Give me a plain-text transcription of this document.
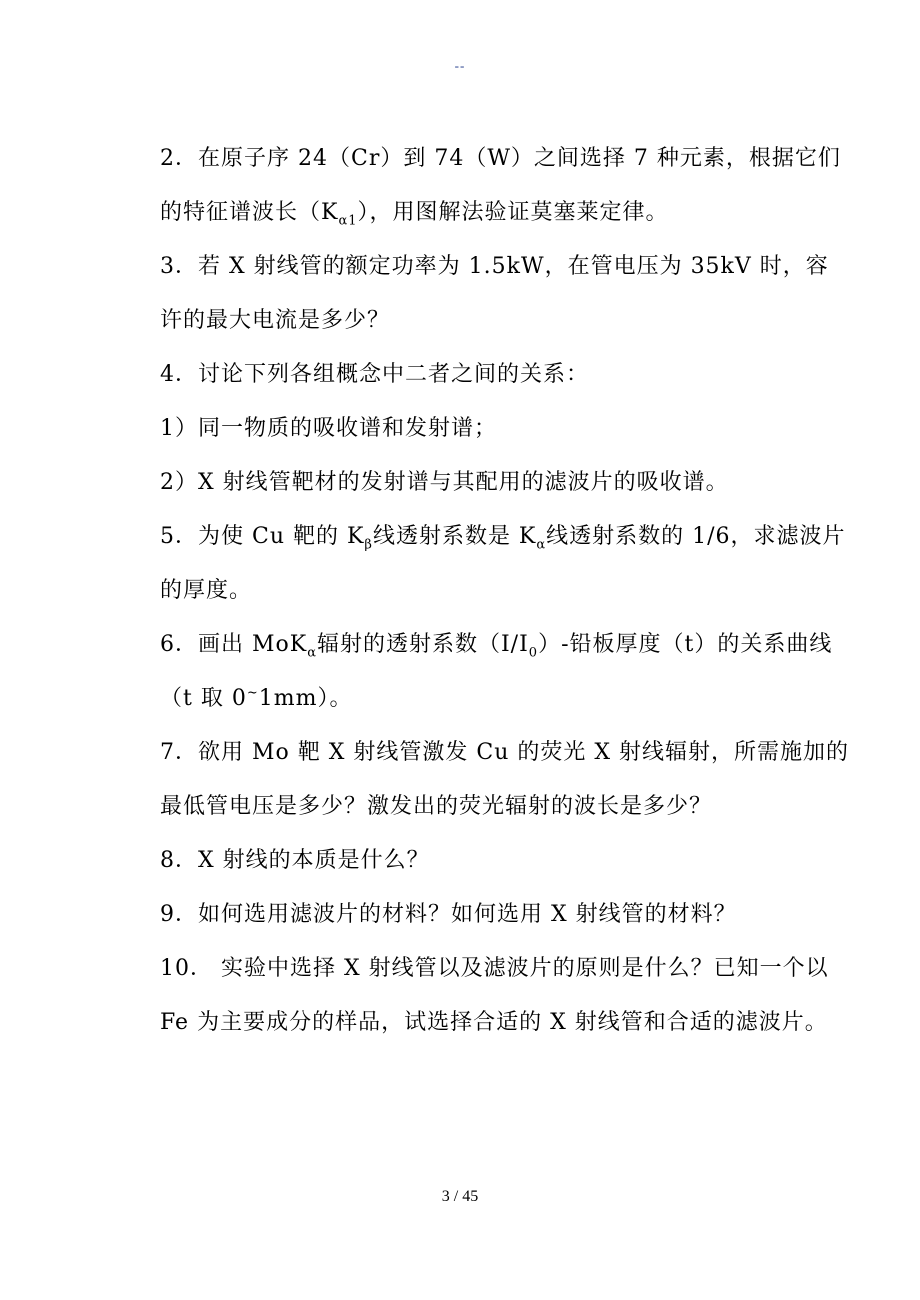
--

2．在原子序 24（Cr）到 74（W）之间选择 7 种元素，根据它们的特征谱波长$(K_{\alpha 1})$，用图解法验证莫塞莱定律。

3．若 X 射线管的额定功率为 1.5kW，在管电压为 35kV 时，容许的最大电流是多少？

4．讨论下列各组概念中二者之间的关系：

1）同一物质的吸收谱和发射谱；

2）X 射线管靶材的发射谱与其配用的滤波片的吸收谱。

5．为使 Cu 靶的 $K_\beta$线透射系数是 $K_\alpha$线透射系数的 1/6，求滤波片的厚度。

6．画出 MoK$_\alpha$辐射的透射系数$(I/I_0)-$铅板厚度（t）的关系曲线（t 取 0~1mm）。

7．欲用 Mo 靶 X 射线管激发 Cu 的荧光 X 射线辐射，所需施加的最低管电压是多少？激发出的荧光辐射的波长是多少？

8．X 射线的本质是什么？

9．如何选用滤波片的材料？如何选用 X 射线管的材料？

10． 实验中选择 X 射线管以及滤波片的原则是什么？已知一个以 Fe 为主要成分的样品，试选择合适的 X 射线管和合适的滤波片。

3 / 45
